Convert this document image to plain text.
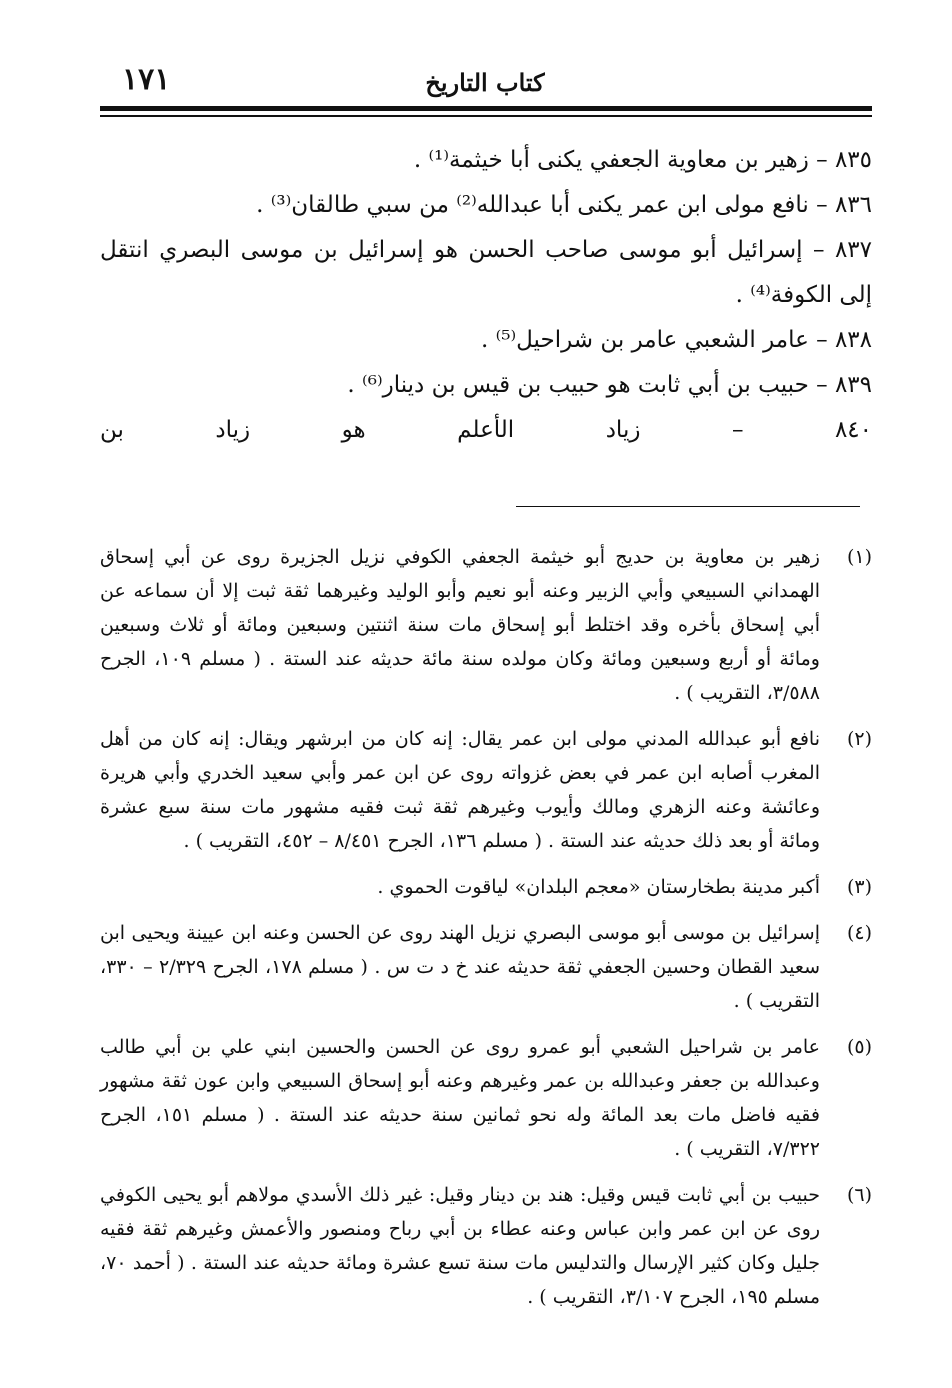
١٧١	كتاب التاريخ

٨٣٥ – زهير بن معاوية الجعفي يكنى أبا خيثمة⁽¹⁾ .

٨٣٦ – نافع مولى ابن عمر يكنى أبا عبدالله⁽²⁾ من سبي طالقان⁽³⁾ .

٨٣٧ – إسرائيل أبو موسى صاحب الحسن هو إسرائيل بن موسى البصري انتقل إلى الكوفة⁽⁴⁾ .

٨٣٨ – عامر الشعبي عامر بن شراحيل⁽⁵⁾ .

٨٣٩ – حبيب بن أبي ثابت هو حبيب بن قيس بن دينار⁽⁶⁾ .

٨٤٠ – زياد الأعلم هو زياد بن

(١)
زهير بن معاوية بن حديج أبو خيثمة الجعفي الكوفي نزيل الجزيرة روى عن أبي إسحاق الهمداني السبيعي وأبي الزبير وعنه أبو نعيم وأبو الوليد وغيرهما ثقة ثبت إلا أن سماعه عن أبي إسحاق بأخره وقد اختلط أبو إسحاق مات سنة اثنتين وسبعين ومائة أو ثلاث وسبعين ومائة أو أربع وسبعين ومائة وكان مولده سنة مائة حديثه عند الستة . ( مسلم ١٠٩، الجرح ٣/٥٨٨، التقريب ) .
(٢)
نافع أبو عبدالله المدني مولى ابن عمر يقال: إنه كان من ابرشهر ويقال: إنه كان من أهل المغرب أصابه ابن عمر في بعض غزواته روى عن ابن عمر وأبي سعيد الخدري وأبي هريرة وعائشة وعنه الزهري ومالك وأيوب وغيرهم ثقة ثبت فقيه مشهور مات سنة سبع عشرة ومائة أو بعد ذلك حديثه عند الستة . ( مسلم ١٣٦، الجرح ٨/٤٥١ – ٤٥٢، التقريب ) .
(٣)
أكبر مدينة بطخارستان «معجم البلدان» لياقوت الحموي .
(٤)
إسرائيل بن موسى أبو موسى البصري نزيل الهند روى عن الحسن وعنه ابن عيينة ويحيى ابن سعيد القطان وحسين الجعفي ثقة حديثه عند خ د ت س . ( مسلم ١٧٨، الجرح ٢/٣٢٩ – ٣٣٠، التقريب ) .
(٥)
عامر بن شراحيل الشعبي أبو عمرو روى عن الحسن والحسين ابني علي بن أبي طالب وعبدالله بن جعفر وعبدالله بن عمر وغيرهم وعنه أبو إسحاق السبيعي وابن عون ثقة مشهور فقيه فاضل مات بعد المائة وله نحو ثمانين سنة حديثه عند الستة . ( مسلم ١٥١، الجرح ٧/٣٢٢، التقريب ) .
(٦)
حبيب بن أبي ثابت قيس وقيل: هند بن دينار وقيل: غير ذلك الأسدي مولاهم أبو يحيى الكوفي روى عن ابن عمر وابن عباس وعنه عطاء بن أبي رباح ومنصور والأعمش وغيرهم ثقة فقيه جليل وكان كثير الإرسال والتدليس مات سنة تسع عشرة ومائة حديثه عند الستة . ( أحمد ٧٠، مسلم ١٩٥، الجرح ٣/١٠٧، التقريب ) .
